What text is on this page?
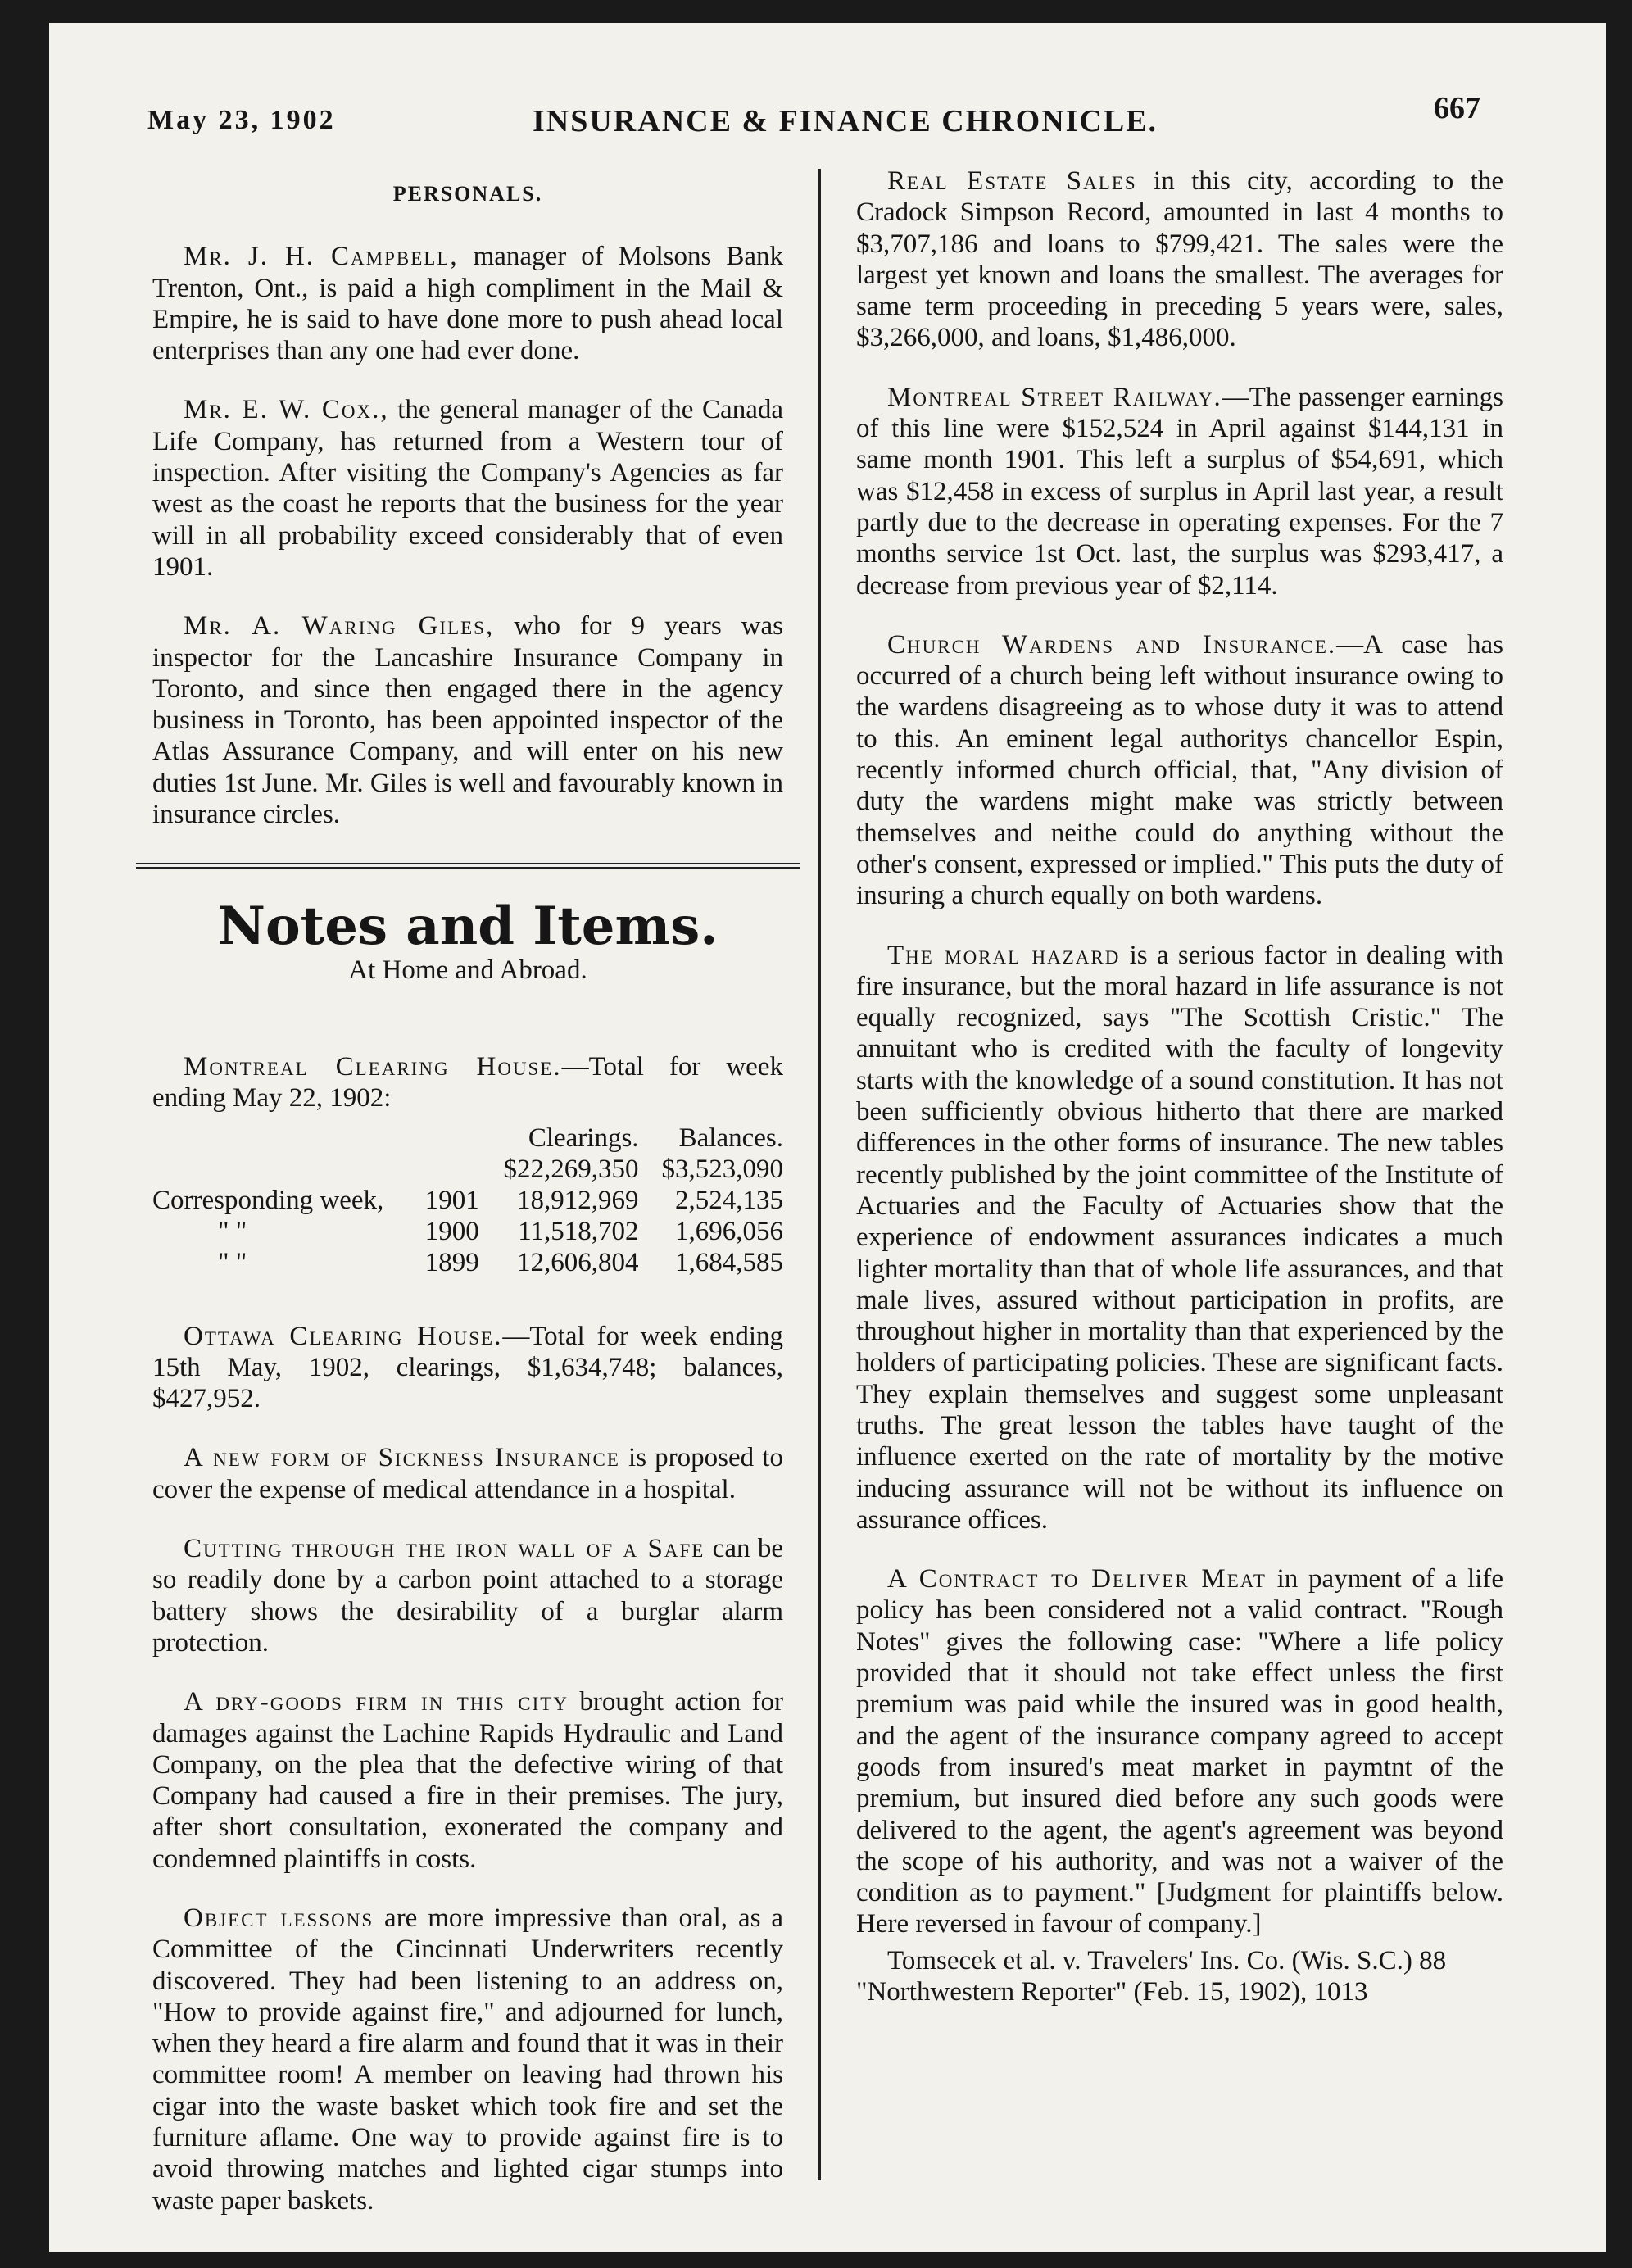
May 23, 1902	INSURANCE & FINANCE CHRONICLE.	667
PERSONALS.

Mr. J. H. Campbell, manager of Molsons Bank Trenton, Ont., is paid a high compliment in the Mail & Empire, he is said to have done more to push ahead local enterprises than any one had ever done.

Mr. E. W. Cox., the general manager of the Canada Life Company, has returned from a Western tour of inspection. After visiting the Company's Agencies as far west as the coast he reports that the business for the year will in all probability exceed considerably that of even 1901.

Mr. A. Waring Giles, who for 9 years was inspector for the Lancashire Insurance Company in Toronto, and since then engaged there in the agency business in Toronto, has been appointed inspector of the Atlas Assurance Company, and will enter on his new duties 1st June. Mr. Giles is well and favourably known in insurance circles.

Notes and Items.
At Home and Abroad.

Montreal Clearing House.—Total for week ending May 22, 1902:

		Clearings.	Balances.
		$22,269,350	$3,523,090
Corresponding week,	1901	18,912,969	2,524,135
" "	1900	11,518,702	1,696,056
" "	1899	12,606,804	1,684,585

Ottawa Clearing House.—Total for week ending 15th May, 1902, clearings, $1,634,748; balances, $427,952.

A new form of Sickness Insurance is proposed to cover the expense of medical attendance in a hospital.

Cutting through the iron wall of a Safe can be so readily done by a carbon point attached to a storage battery shows the desirability of a burglar alarm protection.

A dry-goods firm in this city brought action for damages against the Lachine Rapids Hydraulic and Land Company, on the plea that the defective wiring of that Company had caused a fire in their premises. The jury, after short consultation, exonerated the company and condemned plaintiffs in costs.

Object lessons are more impressive than oral, as a Committee of the Cincinnati Underwriters recently discovered. They had been listening to an address on, "How to provide against fire," and adjourned for lunch, when they heard a fire alarm and found that it was in their committee room! A member on leaving had thrown his cigar into the waste basket which took fire and set the furniture aflame. One way to provide against fire is to avoid throwing matches and lighted cigar stumps into waste paper baskets.

Real Estate Sales in this city, according to the Cradock Simpson Record, amounted in last 4 months to $3,707,186 and loans to $799,421. The sales were the largest yet known and loans the smallest. The averages for same term proceeding in preceding 5 years were, sales, $3,266,000, and loans, $1,486,000.

Montreal Street Railway.—The passenger earnings of this line were $152,524 in April against $144,131 in same month 1901. This left a surplus of $54,691, which was $12,458 in excess of surplus in April last year, a result partly due to the decrease in operating expenses. For the 7 months service 1st Oct. last, the surplus was $293,417, a decrease from previous year of $2,114.

Church Wardens and Insurance.—A case has occurred of a church being left without insurance owing to the wardens disagreeing as to whose duty it was to attend to this. An eminent legal authoritys chancellor Espin, recently informed church official, that, "Any division of duty the wardens might make was strictly between themselves and neithe could do anything without the other's consent, expressed or implied." This puts the duty of insuring a church equally on both wardens.

The moral hazard is a serious factor in dealing with fire insurance, but the moral hazard in life assurance is not equally recognized, says "The Scottish Cristic." The annuitant who is credited with the faculty of longevity starts with the knowledge of a sound constitution. It has not been sufficiently obvious hitherto that there are marked differences in the other forms of insurance. The new tables recently published by the joint committee of the Institute of Actuaries and the Faculty of Actuaries show that the experience of endowment assurances indicates a much lighter mortality than that of whole life assurances, and that male lives, assured without participation in profits, are throughout higher in mortality than that experienced by the holders of participating policies. These are significant facts. They explain themselves and suggest some unpleasant truths. The great lesson the tables have taught of the influence exerted on the rate of mortality by the motive inducing assurance will not be without its influence on assurance offices.

A Contract to Deliver Meat in payment of a life policy has been considered not a valid contract. "Rough Notes" gives the following case: "Where a life policy provided that it should not take effect unless the first premium was paid while the insured was in good health, and the agent of the insurance company agreed to accept goods from insured's meat market in paymtnt of the premium, but insured died before any such goods were delivered to the agent, the agent's agreement was beyond the scope of his authority, and was not a waiver of the condition as to payment." [Judgment for plaintiffs below. Here reversed in favour of company.]

Tomsecek et al. v. Travelers' Ins. Co. (Wis. S.C.) 88 "Northwestern Reporter" (Feb. 15, 1902), 1013
